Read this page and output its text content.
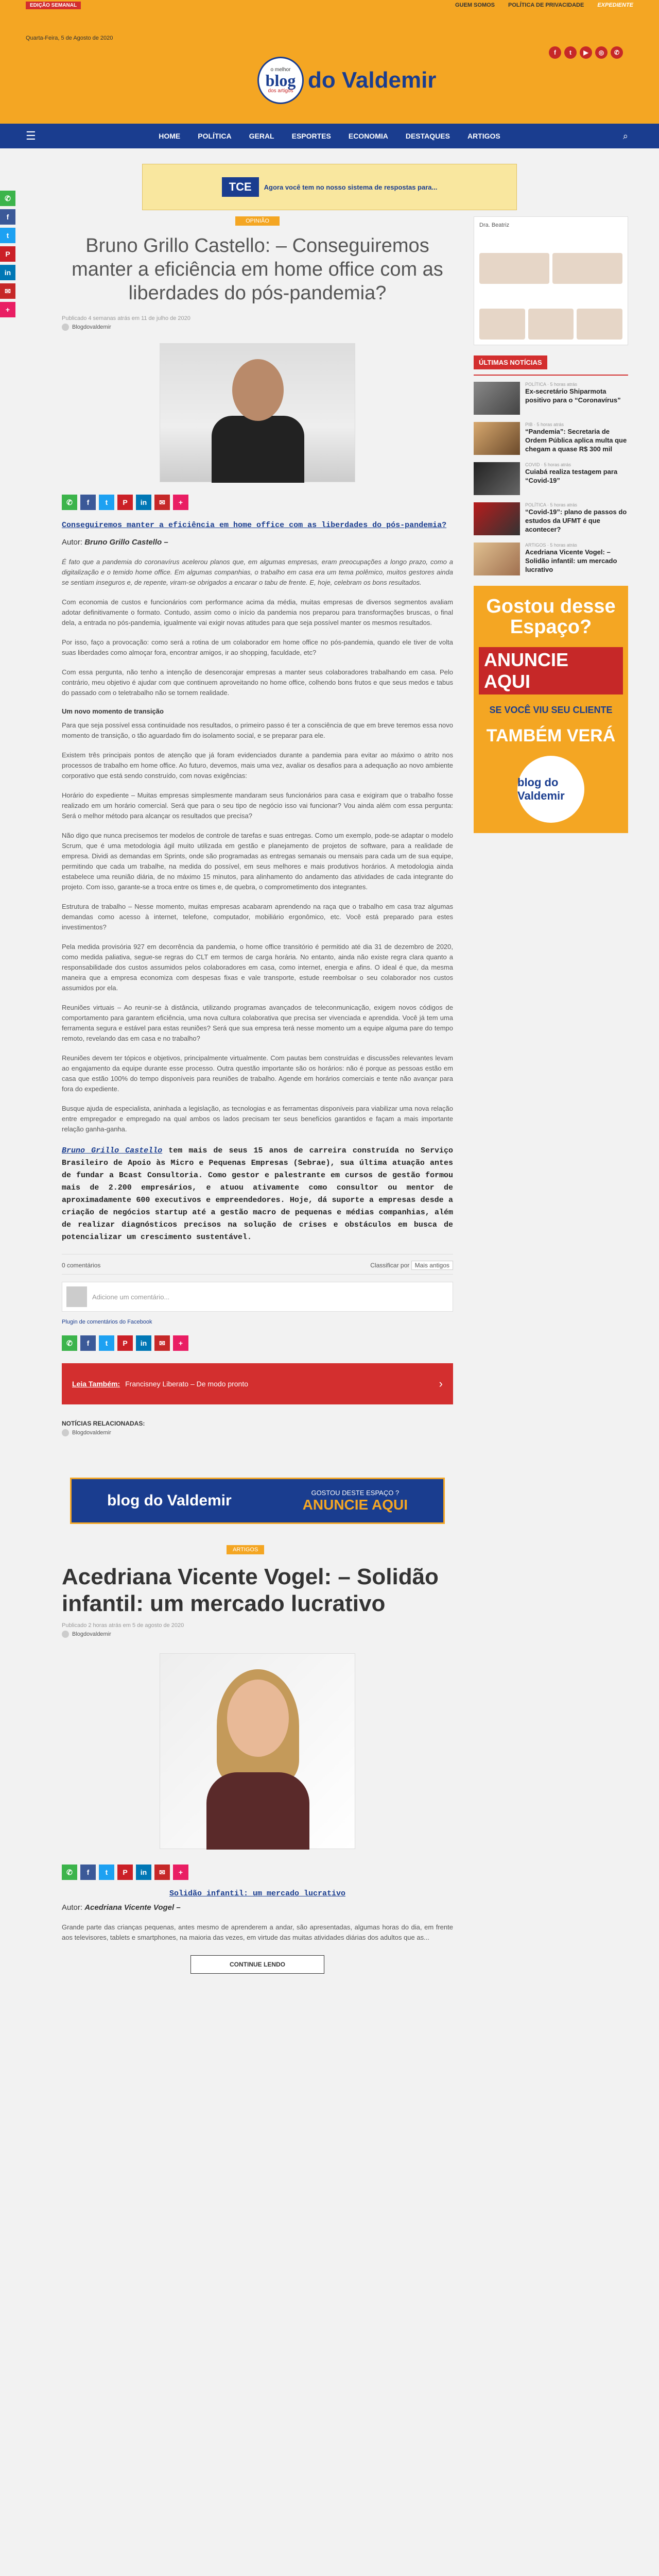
EDIÇÃO SEMANAL	GUEM SOMOS POLÍTICA DE PRIVACIDADE EXPEDIENTE
Quarta-Feira, 5 de Agosto de 2020
o melhor
blog
dos artigos do Valdemir
f	t	▶	◎	✆
☰	HOME POLÍTICA GERAL ESPORTES ECONOMIA DESTAQUES ARTIGOS	⌕
TCE	Agora você tem no nosso sistema de respostas para...
✆
f
t
P
in
✉
+
OPINIÃO
Bruno Grillo Castello: – Conseguiremos manter a eficiência em home office com as liberdades do pós-pandemia?
Publicado 4 semanas atrás em 11 de julho de 2020
Blogdovaldemir
✆	f	t	P	in	✉	+
Conseguiremos manter a eficiência em home office com as liberdades do pós-pandemia?
Autor: Bruno Grillo Castello –

É fato que a pandemia do coronavírus acelerou planos que, em algumas empresas, eram preocupações a longo prazo, como a digitalização e o temido home office. Em algumas companhias, o trabalho em casa era um tema polêmico, muitos gestores ainda se sentiam inseguros e, de repente, viram-se obrigados a encarar o tabu de frente. E, hoje, celebram os bons resultados.

Com economia de custos e funcionários com performance acima da média, muitas empresas de diversos segmentos avaliam adotar definitivamente o formato. Contudo, assim como o início da pandemia nos preparou para transformações bruscas, o final dela, a entrada no pós-pandemia, igualmente vai exigir novas atitudes para que seja possível manter os mesmos resultados.

Por isso, faço a provocação: como será a rotina de um colaborador em home office no pós-pandemia, quando ele tiver de volta suas liberdades como almoçar fora, encontrar amigos, ir ao shopping, faculdade, etc?

Com essa pergunta, não tenho a intenção de desencorajar empresas a manter seus colaboradores trabalhando em casa. Pelo contrário, meu objetivo é ajudar com que continuem aproveitando no home office, colhendo bons frutos e que seus medos e tabus do passado com o teletrabalho não se tornem realidade.

Um novo momento de transição

Para que seja possível essa continuidade nos resultados, o primeiro passo é ter a consciência de que em breve teremos essa novo momento de transição, o tão aguardado fim do isolamento social, e se preparar para ele.

Existem três principais pontos de atenção que já foram evidenciados durante a pandemia para evitar ao máximo o atrito nos processos de trabalho em home office. Ao futuro, devemos, mais uma vez, avaliar os desafios para a adequação ao novo ambiente corporativo que está sendo construído, com novas exigências:

Horário do expediente – Muitas empresas simplesmente mandaram seus funcionários para casa e exigiram que o trabalho fosse realizado em um horário comercial. Será que para o seu tipo de negócio isso vai funcionar? Vou ainda além com essa pergunta: Será o melhor método para alcançar os resultados que precisa?

Não digo que nunca precisemos ter modelos de controle de tarefas e suas entregas. Como um exemplo, pode-se adaptar o modelo Scrum, que é uma metodologia ágil muito utilizada em gestão e planejamento de projetos de software, para a realidade de empresa. Dividi as demandas em Sprints, onde são programadas as entregas semanais ou mensais para cada um de sua equipe, permitindo que cada um trabalhe, na medida do possível, em seus melhores e mais produtivos horários. A metodologia ainda estabelece uma reunião diária, de no máximo 15 minutos, para alinhamento do andamento das atividades de cada integrante do projeto. Com isso, garante-se a troca entre os times e, de quebra, o comprometimento dos integrantes.

Estrutura de trabalho – Nesse momento, muitas empresas acabaram aprendendo na raça que o trabalho em casa traz algumas demandas como acesso à internet, telefone, computador, mobiliário ergonômico, etc. Você está preparado para estes investimentos?

Pela medida provisória 927 em decorrência da pandemia, o home office transitório é permitido até dia 31 de dezembro de 2020, como medida paliativa, segue-se regras do CLT em termos de carga horária. No entanto, ainda não existe regra clara quanto a responsabilidade dos custos assumidos pelos colaboradores em casa, como internet, energia e afins. O ideal é que, da mesma maneira que a empresa economiza com despesas fixas e vale transporte, estude reembolsar o seu colaborador nos custos assumidos por ela.

Reuniões virtuais – Ao reunir-se à distância, utilizando programas avançados de teleconmunicação, exigem novos códigos de comportamento para garantem eficiência, uma nova cultura colaborativa que precisa ser vivenciada e aprendida. Você já tem uma ferramenta segura e estável para estas reuniões? Será que sua empresa terá nesse momento um a equipe alguma pare do tempo remoto, revelando das em casa e no trabalho?

Reuniões devem ter tópicos e objetivos, principalmente virtualmente. Com pautas bem construídas e discussões relevantes levam ao engajamento da equipe durante esse processo. Outra questão importante são os horários: não é porque as pessoas estão em casa que estão 100% do tempo disponíveis para reuniões de trabalho. Agende em horários comerciais e tente não avançar para fora do expediente.

Busque ajuda de especialista, aninhada a legislação, as tecnologias e as ferramentas disponíveis para viabilizar uma nova relação entre empregador e empregado na qual ambos os lados precisam ter seus benefícios garantidos e façam a mais importante relação ganha-ganha.

Bruno Grillo Castello tem mais de seus 15 anos de carreira construída no Serviço Brasileiro de Apoio às Micro e Pequenas Empresas (Sebrae), sua última atuação antes de fundar a Bcast Consultoria. Como gestor e palestrante em cursos de gestão formou mais de 2.200 empresários, e atuou ativamente como consultor ou mentor de aproximadamente 600 executivos e empreendedores. Hoje, dá suporte a empresas desde a criação de negócios startup até a gestão macro de pequenas e médias companhias, além de realizar diagnósticos precisos na solução de crises e obstáculos em busca de potencializar um crescimento sustentável.
0 comentários	Classificar por Mais antigos
Adicione um comentário...
Plugin de comentários do Facebook
✆	f	t	P	in	✉	+
Leia Também: Francisney Liberato – De modo pronto	›
NOTÍCIAS RELACIONADAS:
Blogdovaldemir
blog do Valdemir	GOSTOU DESTE ESPAÇO ?
ANUNCIE AQUI
ARTIGOS
Acedriana Vicente Vogel: – Solidão infantil: um mercado lucrativo
Publicado 2 horas atrás em 5 de agosto de 2020
Blogdovaldemir
✆	f	t	P	in	✉	+
Solidão infantil: um mercado lucrativo
Autor: Acedriana Vicente Vogel –

Grande parte das crianças pequenas, antes mesmo de aprenderem a andar, são apresentadas, algumas horas do dia, em frente aos televisores, tablets e smartphones, na maioria das vezes, em virtude das muitas atividades diárias dos adultos que as...

CONTINUE LENDO
Dra. Beatriz
ÚLTIMAS NOTÍCIAS
POLÍTICA · 5 horas atrás
Ex-secretário Shiparmota positivo para o “Coronavírus”
PIB · 5 horas atrás
“Pandemia”: Secretaria de Ordem Pública aplica multa que chegam a quase R$ 300 mil
COVID · 5 horas atrás
Cuiabá realiza testagem para “Covid-19”
POLÍTICA · 5 horas atrás
“Covid-19”: plano de passos do estudos da UFMT é que acontecer?
ARTIGOS · 5 horas atrás
Acedriana Vicente Vogel: – Solidão infantil: um mercado lucrativo
Gostou desse Espaço?
ANUNCIE AQUI
SE VOCÊ VIU SEU CLIENTE
TAMBÉM VERÁ
blog do Valdemir
